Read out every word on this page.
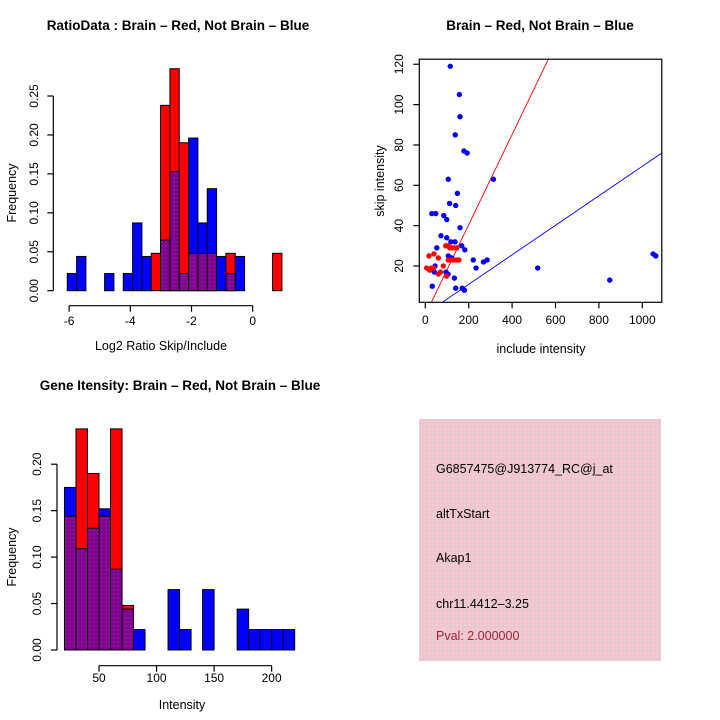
RatioData : Brain – Red, Not Brain – Blue
Frequency
Log2 Ratio Skip/Include
0.00
0.05
0.10
0.15
0.20
0.25
-6	-4	-2	0
Brain – Red, Not Brain – Blue
skip intensity
include intensity
20
40
60
80
100
120
0	200 400 600 800 1000
Gene Itensity: Brain – Red, Not Brain – Blue
Frequency
Intensity
0.00
0.05
0.10
0.15
0.20
50	100	150	200
G6857475@J913774_RC@j_at
altTxStart
Akap1
chr11.4412–3.25
Pval: 2.000000
